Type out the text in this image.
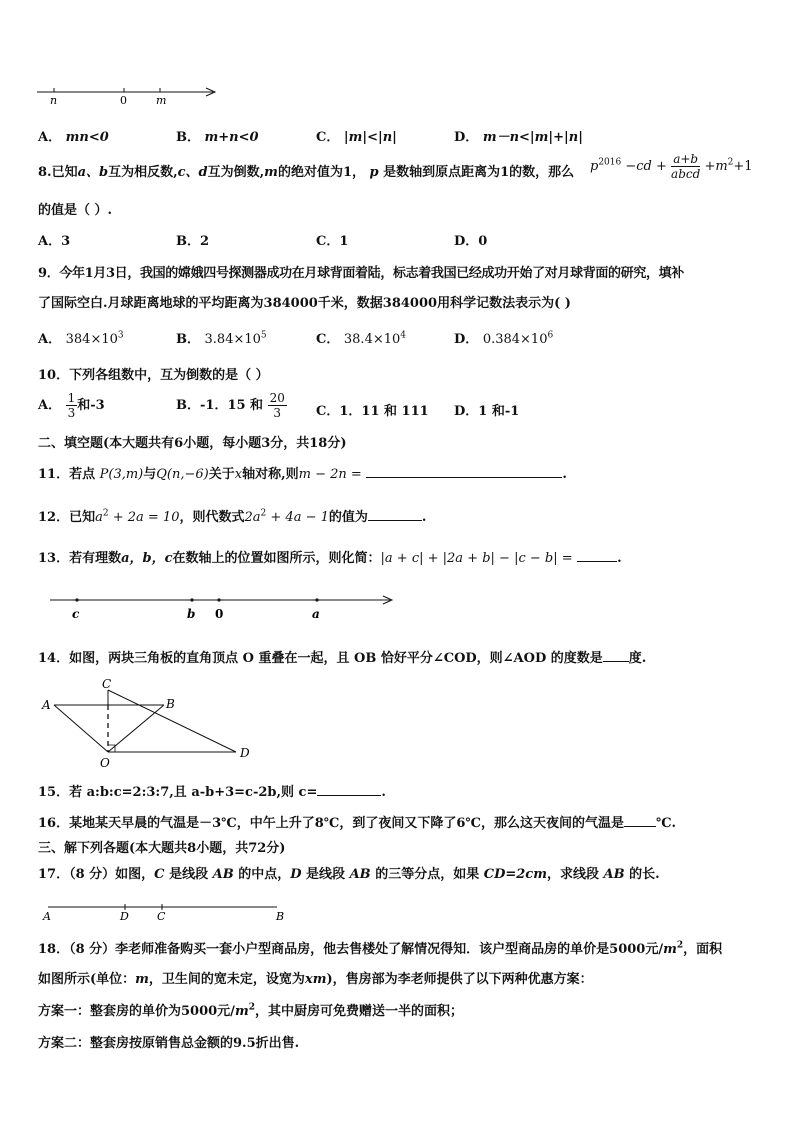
n	0	m
A． mn<0	B． m+n<0	C． |m|<|n|	D． m－n<|m|+|n|
8.已知a、b互为相反数,c、d互为倒数,m的绝对值为1， p 是数轴到原点距离为1的数，那么 $p^{2016} -cd + \frac{a+b}{\text{abcd}} +m^2+1$
的值是（ ）.
A．3	B．2	C．1	D．0
9．今年1月3日，我国的嫦娥四号探测器成功在月球背面着陆，标志着我国已经成功开始了对月球背面的研究，填补
了国际空白.月球距离地球的平均距离为384000千米，数据384000用科学记数法表示为( )
A． $384\times 10^3$	B． $3.84\times 10^5$	C． $38.4\times 10^4$	D． $0.384\times 10^6$
10．下列各组数中，互为倒数的是（ ）
A． $\frac{1}{3}$ 和-3	B．-1．15 和 $\frac{20}{3}$ C．1．11 和 111 D．1 和-1
二、填空题(本大题共有6小题，每小题3分，共18分)
11．若点 P(3,m)与Q(n,−6)关于x轴对称,则m − 2n =	.
12．已知$a^2 + 2a = 10$，则代数式$2a^2 + 4a - 1$的值为	.
13．若有理数a，b，c在数轴上的位置如图所示，则化简：|a + c| + |2a + b| − |c − b| =	.
c	b 0	a
14．如图，两块三角板的直角顶点 O 重叠在一起，且 OB 恰好平分∠COD，则∠AOD 的度数是 度.
A	B
C
D
O
15．若 a:b:c=2:3:7,且 a-b+3=c-2b,则 c=	.
16．某地某天早晨的气温是－3℃，中午上升了8℃，到了夜间又下降了6℃，那么这天夜间的气温是 ℃.
三、解下列各题(本大题共8小题，共72分)
17．（8 分）如图，C 是线段 AB 的中点，D 是线段 AB 的三等分点，如果 CD=2cm，求线段 AB 的长.
A	D	C	B
18．（8 分）李老师准备购买一套小户型商品房，他去售楼处了解情况得知．该户型商品房的单价是5000元$/m^2$，面积
如图所示(单位：m，卫生间的宽未定，设宽为xm)，售房部为李老师提供了以下两种优惠方案：
方案一：整套房的单价为5000元$/m^2$，其中厨房可免费赠送一半的面积；
方案二：整套房按原销售总金额的9.5折出售.
